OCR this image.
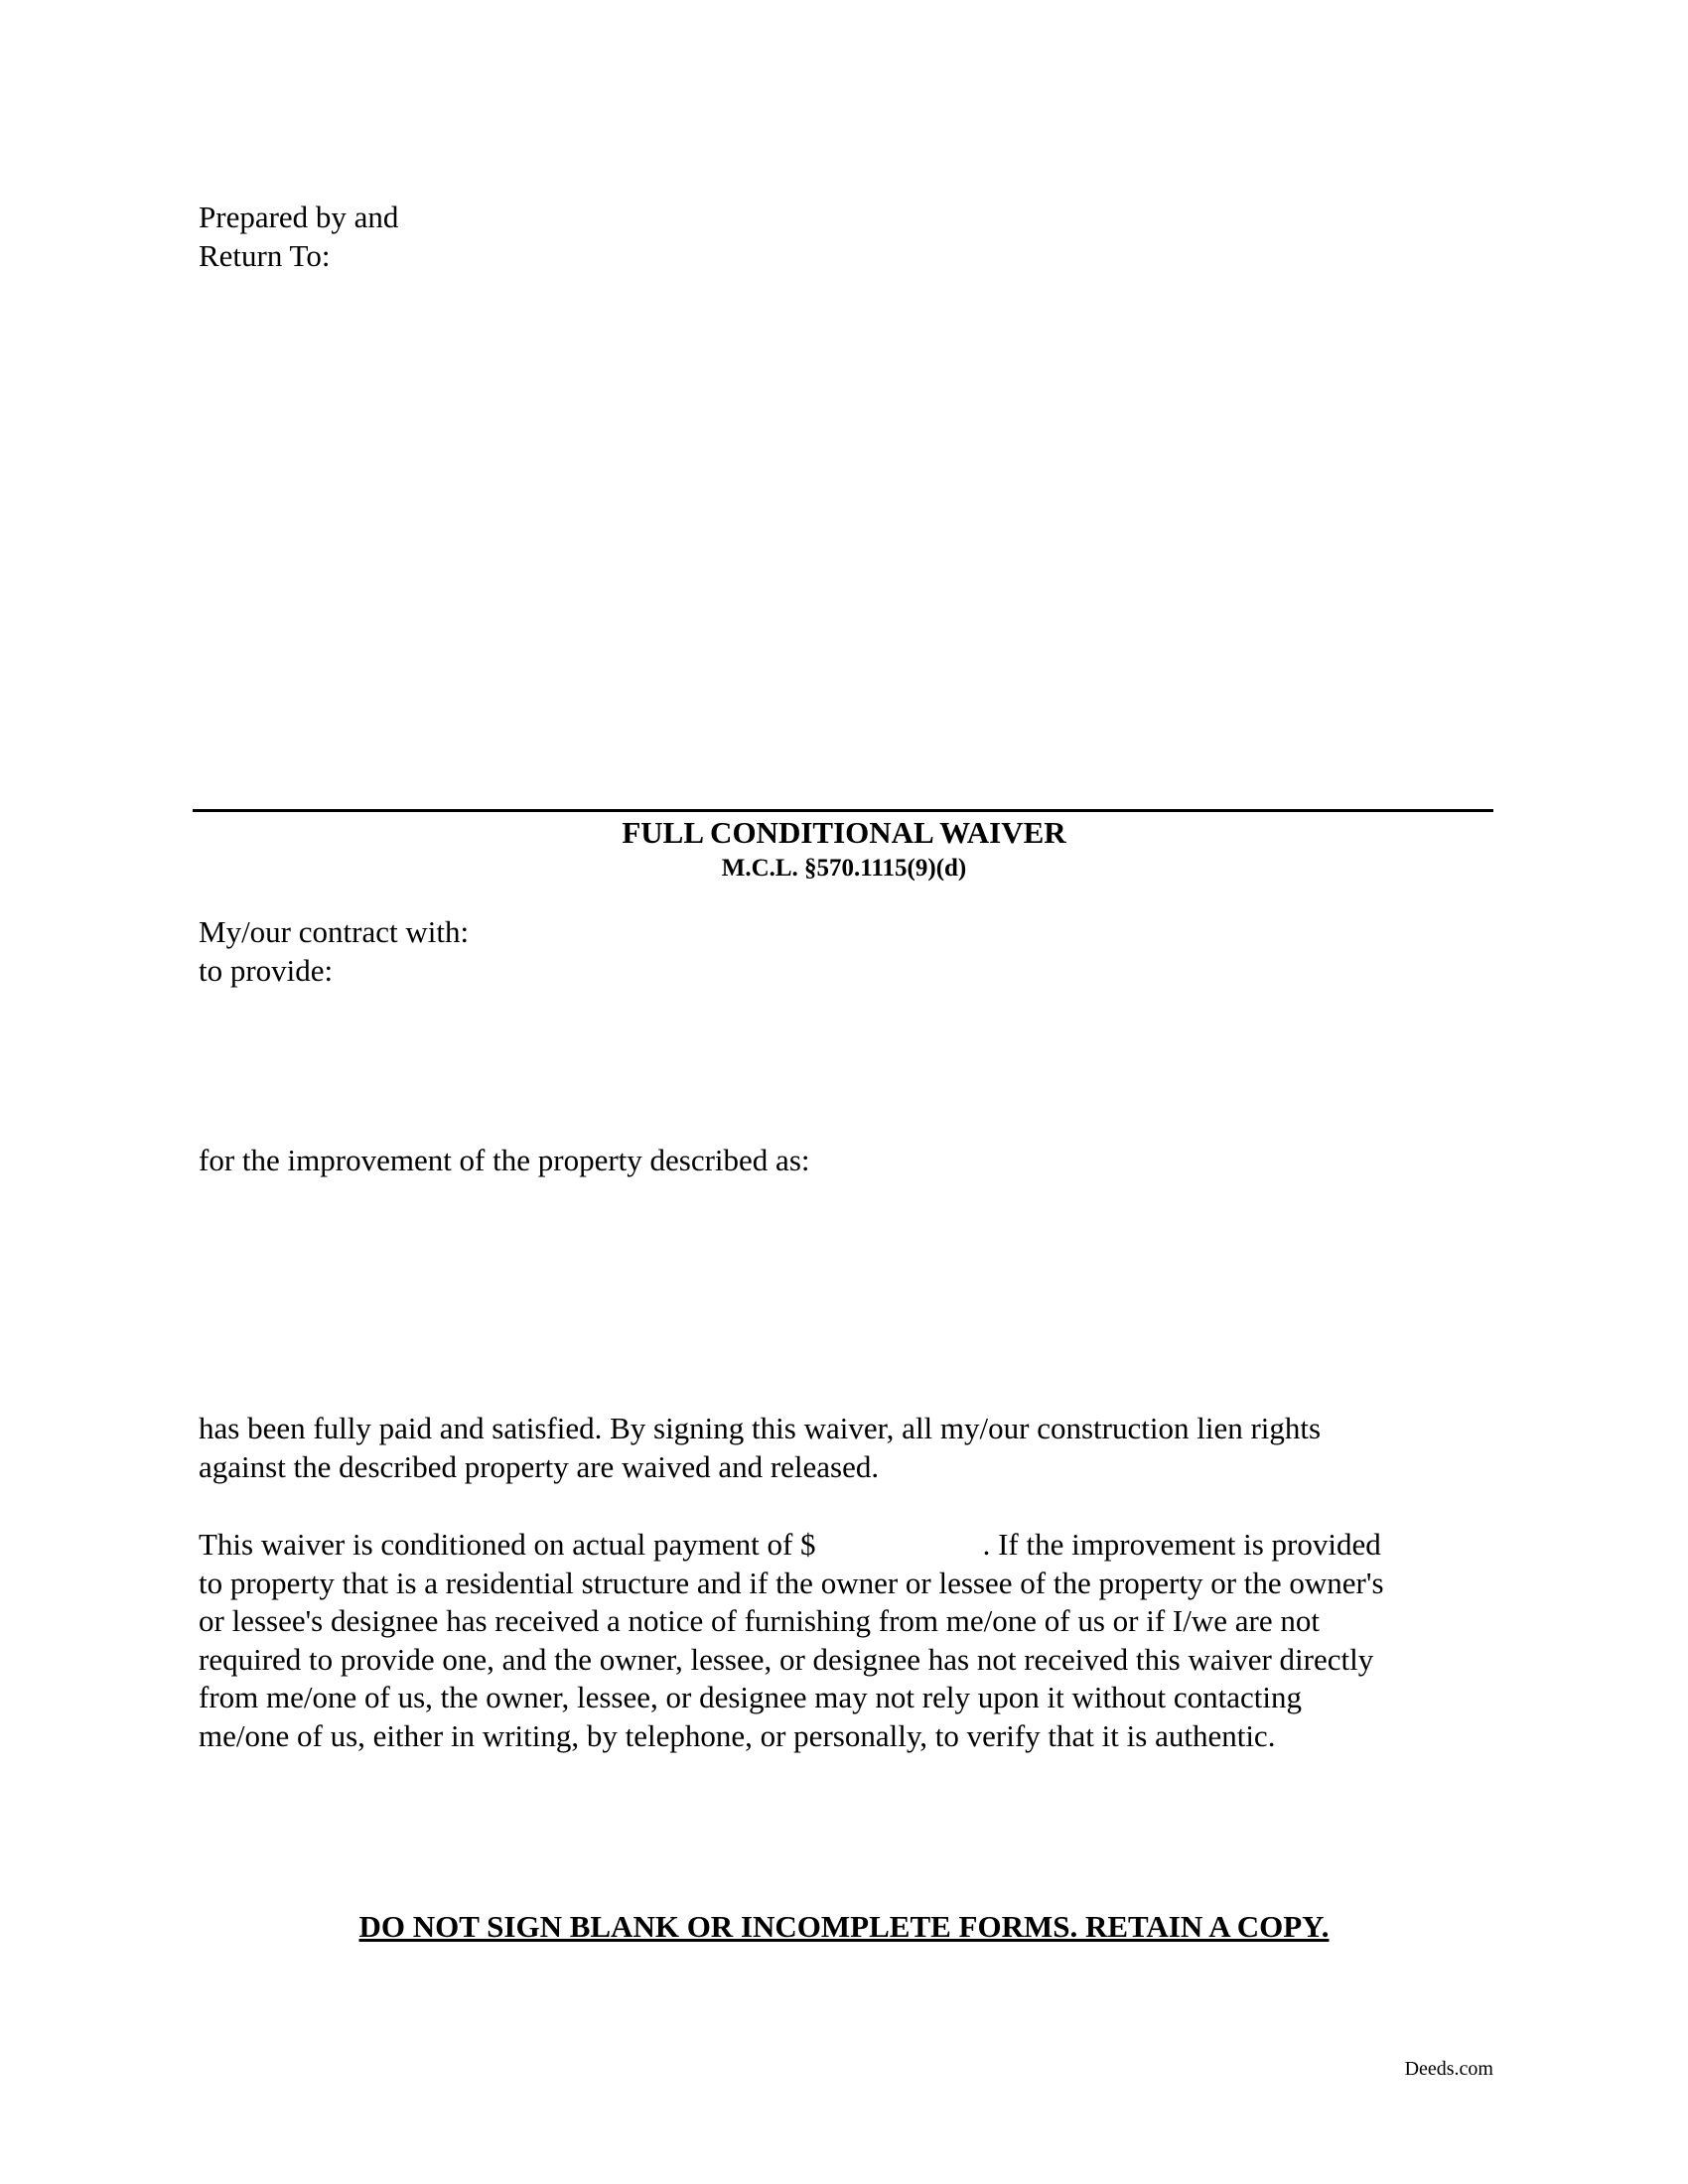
Prepared by and
Return To:
FULL CONDITIONAL WAIVER
M.C.L. §570.1115(9)(d)
My/our contract with:
to provide:
for the improvement of the property described as:
has been fully paid and satisfied. By signing this waiver, all my/our construction lien rights
against the described property are waived and released.
This waiver is conditioned on actual payment of $	. If the improvement is provided
to property that is a residential structure and if the owner or lessee of the property or the owner's
or lessee's designee has received a notice of furnishing from me/one of us or if I/we are not
required to provide one, and the owner, lessee, or designee has not received this waiver directly
from me/one of us, the owner, lessee, or designee may not rely upon it without contacting
me/one of us, either in writing, by telephone, or personally, to verify that it is authentic.
DO NOT SIGN BLANK OR INCOMPLETE FORMS. RETAIN A COPY.
Deeds.com
